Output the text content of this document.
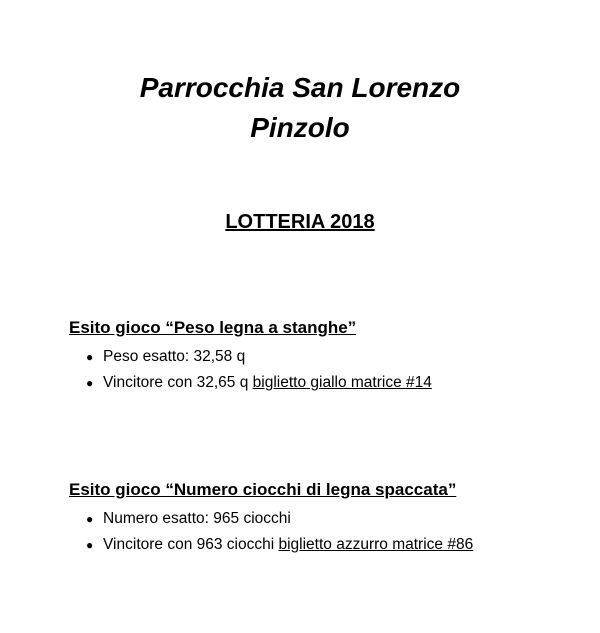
Parrocchia San Lorenzo
Pinzolo
LOTTERIA 2018

Esito gioco “Peso legna a stanghe”

● Peso esatto: 32,58 q
● Vincitore con 32,65 q biglietto giallo matrice #14

Esito gioco “Numero ciocchi di legna spaccata”

● Numero esatto: 965 ciocchi
● Vincitore con 963 ciocchi biglietto azzurro matrice #86
